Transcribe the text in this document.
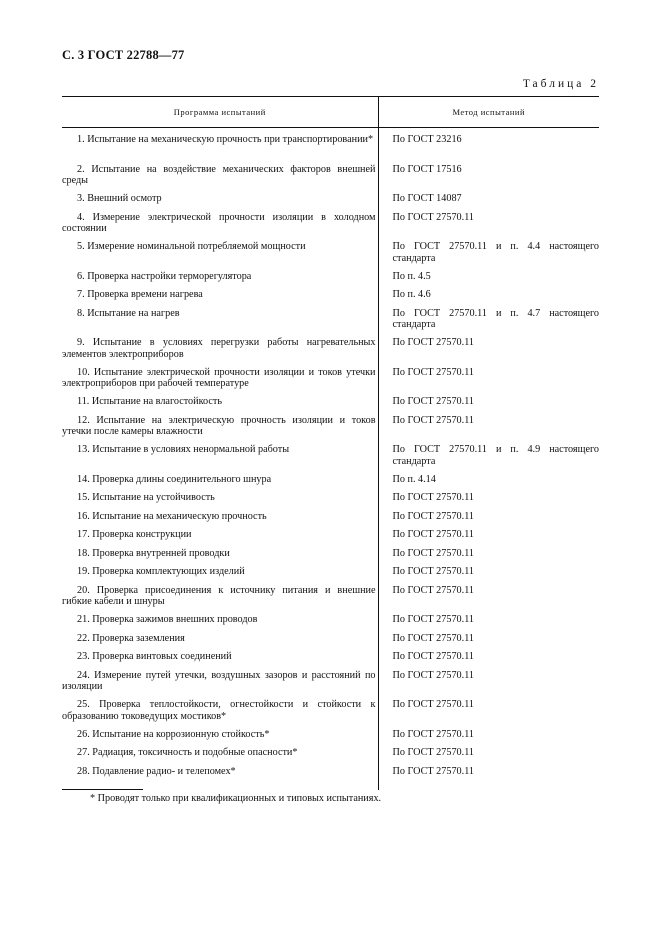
С. 3 ГОСТ 22788—77
Таблица 2
Программа испытаний	Метод испытаний

1. Испытание на механическую прочность при транспортировании*	По ГОСТ 23216

2. Испытание на воздействие механических факторов внешней среды	По ГОСТ 17516

3. Внешний осмотр	По ГОСТ 14087

4. Измерение электрической прочности изоляции в холодном состоянии	По ГОСТ 27570.11

5. Измерение номинальной потребляемой мощности	По ГОСТ 27570.11 и п. 4.4 настоящего стандарта

6. Проверка настройки терморегулятора	По п. 4.5

7. Проверка времени нагрева	По п. 4.6

8. Испытание на нагрев	По ГОСТ 27570.11 и п. 4.7 настоящего стандарта

9. Испытание в условиях перегрузки работы нагревательных элементов электроприборов	По ГОСТ 27570.11

10. Испытание электрической прочности изоляции и токов утечки электроприборов при рабочей температуре	По ГОСТ 27570.11

11. Испытание на влагостойкость	По ГОСТ 27570.11

12. Испытание на электрическую прочность изоляции и токов утечки после камеры влажности	По ГОСТ 27570.11

13. Испытание в условиях ненормальной работы	По ГОСТ 27570.11 и п. 4.9 настоящего стандарта

14. Проверка длины соединительного шнура	По п. 4.14

15. Испытание на устойчивость	По ГОСТ 27570.11

16. Испытание на механическую прочность	По ГОСТ 27570.11

17. Проверка конструкции	По ГОСТ 27570.11

18. Проверка внутренней проводки	По ГОСТ 27570.11

19. Проверка комплектующих изделий	По ГОСТ 27570.11

20. Проверка присоединения к источнику питания и внешние гибкие кабели и шнуры	По ГОСТ 27570.11

21. Проверка зажимов внешних проводов	По ГОСТ 27570.11

22. Проверка заземления	По ГОСТ 27570.11

23. Проверка винтовых соединений	По ГОСТ 27570.11

24. Измерение путей утечки, воздушных зазоров и расстояний по изоляции	По ГОСТ 27570.11

25. Проверка теплостойкости, огнестойкости и стойкости к образованию токоведущих мостиков*	По ГОСТ 27570.11

26. Испытание на коррозионную стойкость*	По ГОСТ 27570.11

27. Радиация, токсичность и подобные опасности*	По ГОСТ 27570.11

28. Подавление радио- и телепомех*	По ГОСТ 27570.11
* Проводят только при квалификационных и типовых испытаниях.
